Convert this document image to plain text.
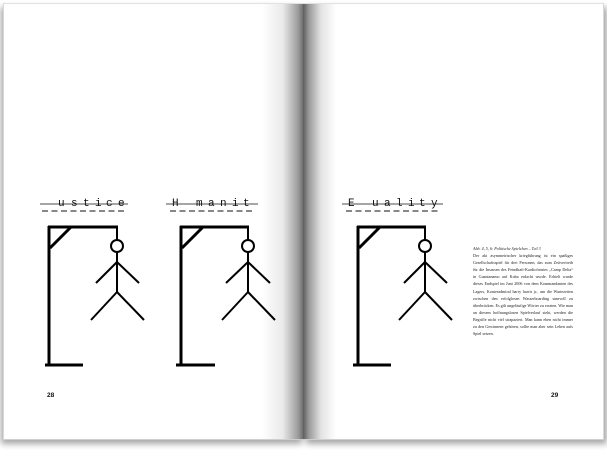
u s t i c e	H m a n i t	E u a l i t y
Abb. 4, 5, 6: Politische Spielchen – Teil 3
Der akt asymmetrischer kriegführung ist ein spaßiges Gesellschaftsspiel für drei Personen, das zum Zeitvertreib für die Insassen des Feindhaft-Kardiofrontes „Camp Delta“ in Guantanamo auf Kuba erdacht wurde. Erhielt wurde dieses Endspiel im Juni 2006 von dem Kommandanten des Lagers, Konteradmiral harry harris jr., um die Wartezeiten zwischen den erfolglosen Wasserboarding sinnvoll zu überbrücken. Es gilt ungeläufige Wörter zu erraten. Wie man an diesem hoffnungslosen Spielverlauf sieht, werden die Begriffe nicht viel strapaziert. Man kann eben nicht immer zu den Gewinnern gehören, sollte man aber sein Leben aufs Spiel setzen.
28	29
